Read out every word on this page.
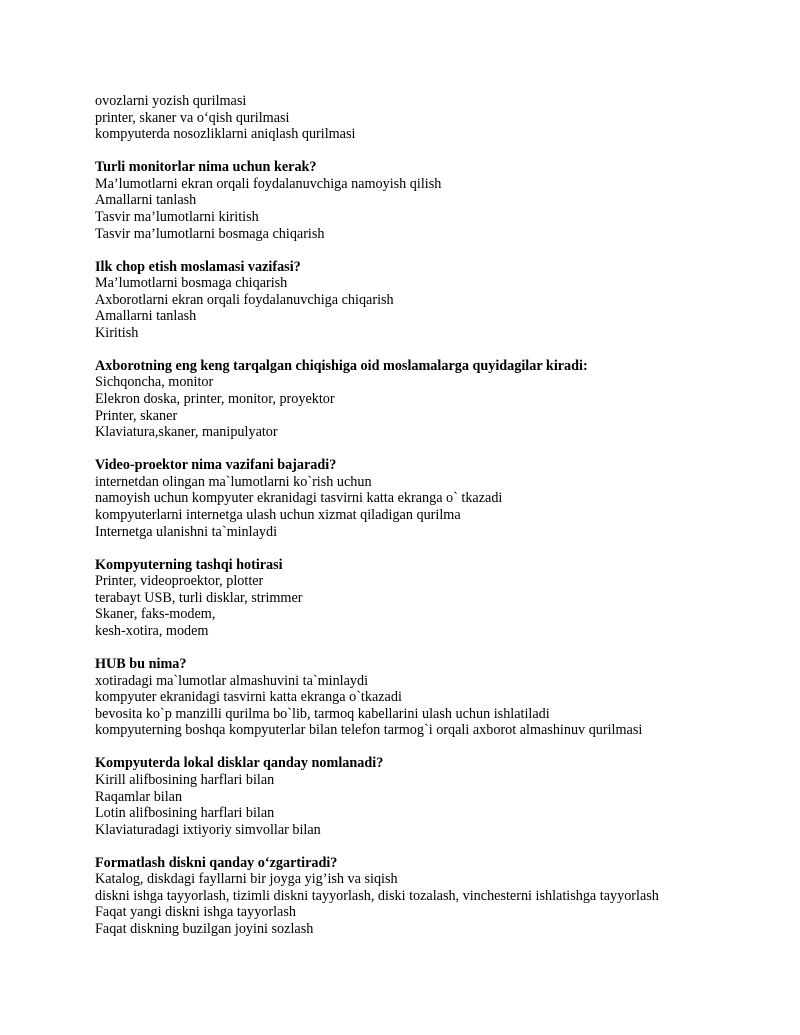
ovozlarni yozish qurilmasi
printer, skaner va o‘qish qurilmasi
kompyuterda nosozliklarni aniqlash qurilmasi
Turli monitorlar nima uchun kerak?
Ma’lumotlarni ekran orqali foydalanuvchiga namoyish qilish
Amallarni tanlash
Tasvir ma’lumotlarni kiritish
Tasvir ma’lumotlarni bosmaga chiqarish
Ilk chop etish moslamasi vazifasi?
Ma’lumotlarni bosmaga chiqarish
Axborotlarni ekran orqali foydalanuvchiga chiqarish
Amallarni tanlash
Kiritish
Axborotning eng keng tarqalgan chiqishiga oid moslamalarga quyidagilar kiradi:
Sichqoncha, monitor
Elekron doska, printer, monitor, proyektor
Printer, skaner
Klaviatura,skaner, manipulyator
Video-proektor nima vazifani bajaradi?
internetdan olingan ma`lumotlarni ko`rish uchun
namoyish uchun kompyuter ekranidagi tasvirni katta ekranga o` tkazadi
kompyuterlarni internetga ulash uchun xizmat qiladigan qurilma
Internetga ulanishni ta`minlaydi
Kompyuterning tashqi hotirasi
Printer, videoproektor, plotter
terabayt USB, turli disklar, strimmer
Skaner, faks-modem,
kesh-xotira, modem
HUB bu nima?
xotiradagi ma`lumotlar almashuvini ta`minlaydi
kompyuter ekranidagi tasvirni katta ekranga o`tkazadi
bevosita ko`p manzilli qurilma bo`lib, tarmoq kabellarini ulash uchun ishlatiladi
kompyuterning boshqa kompyuterlar bilan telefon tarmog`i orqali axborot almashinuv qurilmasi
Kompyuterda lokal disklar qanday nomlanadi?
Kirill alifbosining harflari bilan
Raqamlar bilan
Lotin alifbosining harflari bilan
Klaviaturadagi ixtiyoriy simvollar bilan
Formatlash diskni qanday o‘zgartiradi?
Katalog, diskdagi fayllarni bir joyga yig’ish va siqish
diskni ishga tayyorlash, tizimli diskni tayyorlash, diski tozalash, vinchesterni ishlatishga tayyorlash
Faqat yangi diskni ishga tayyorlash
Faqat diskning buzilgan joyini sozlash
